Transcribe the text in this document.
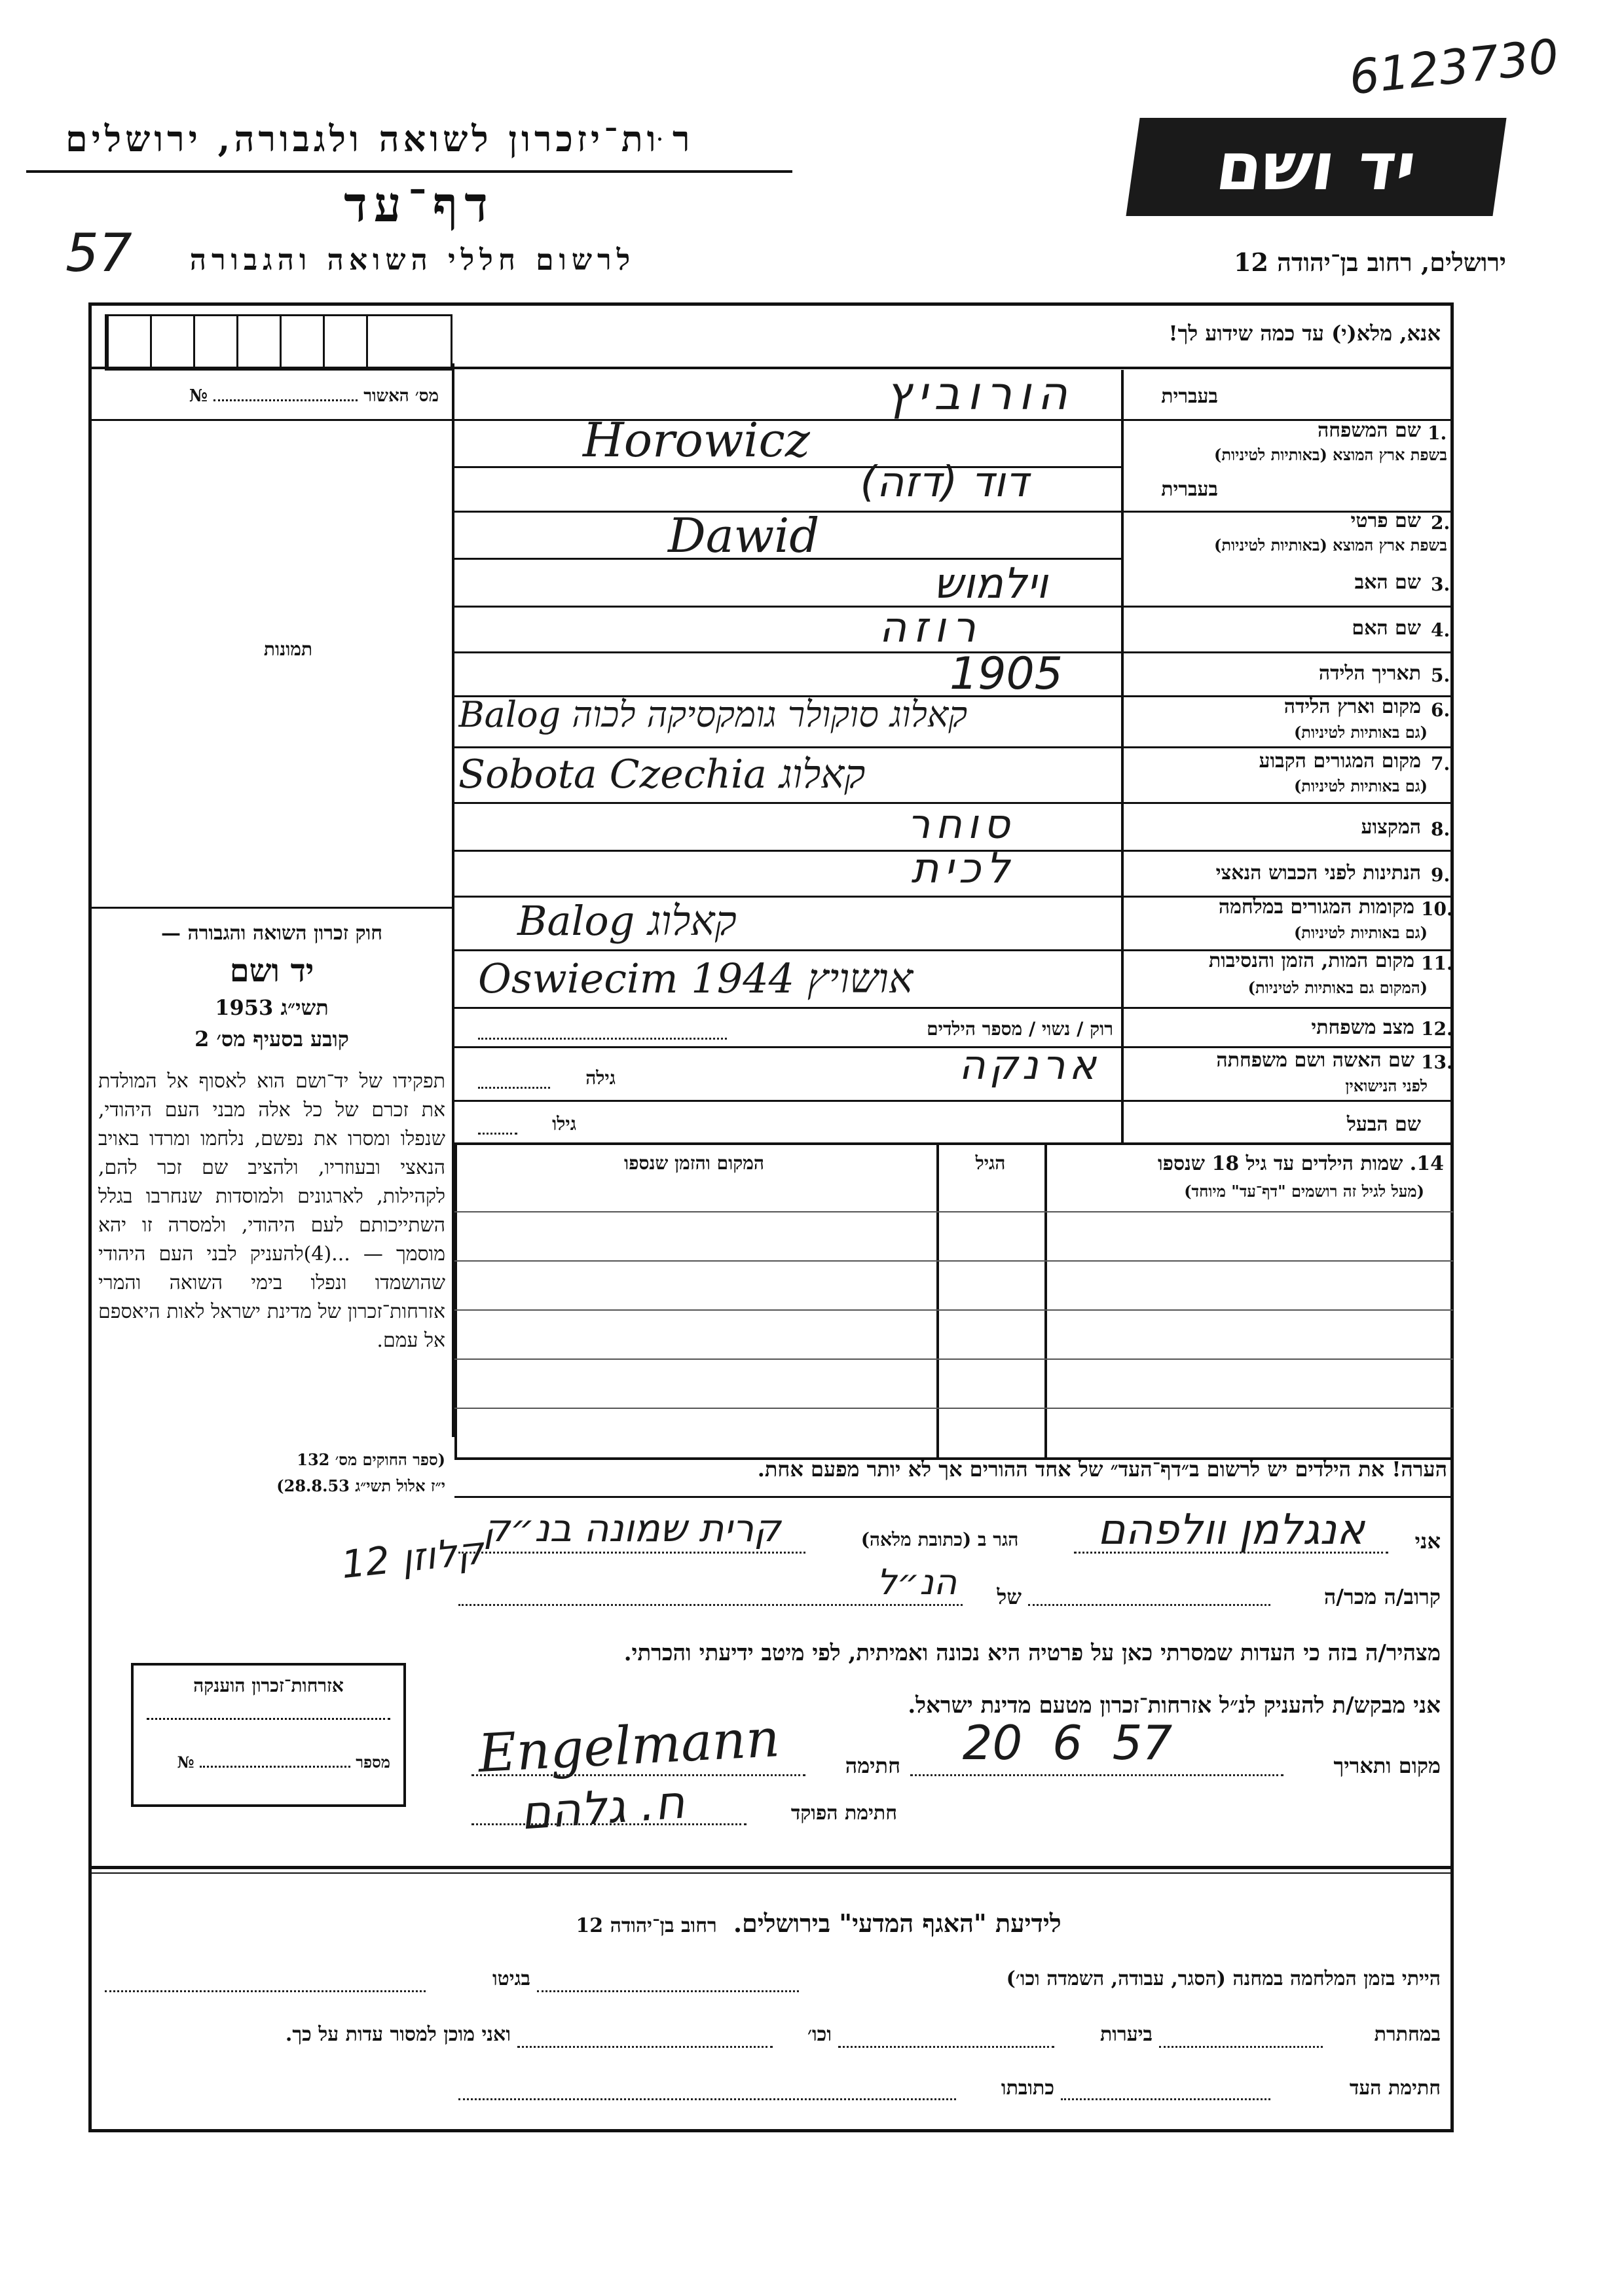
ר ּות־יזכרון לשואה ולגבורה, ירושלים
דף־עד
57	לרשום חללי השואה והגבורה
6123730
יד ושם
ירושלים, רחוב בן־יהודה 12
אנא, מלא(י) עד כמה שידוע לך!
מס׳ האשור  №
תמונות
חוק זכרון השואה והגבורה —
יד ושם
תשי״ג 1953
קובע בסעיף מס׳ 2
תפקידו של יד־ושם הוא לאסוף אל המולדת את זכרם של כל אלה מבני העם היהודי, שנפלו ומסרו את נפשם, נלחמו ומרדו באויב הנאצי ובעוזריו, ולהציב שם זכר להם, לקהילות, לארגונים ולמוסדות שנחרבו בגלל השתייכותם לעם היהודי, ולמסרה זו יהא מוסמך — ...(4)להעניק לבני העם היהודי שהושמדו ונפלו בימי השואה והמרי אזרחות־זכרון של מדינת ישראל לאות היאספם אל עמם.
(ספר החוקים מס׳ 132
י״ז אלול תשי״ג 28.8.53)
בעברית
1.
שם המשפחה
בשפת ארץ המוצא (באותיות לטיניות)
הורוביץ
Horowicz
בעברית
2.
שם פרטי
בשפת ארץ המוצא (באותיות לטיניות)
דוד (דזה)
Dawid
3.
שם האב
וילמוש
4.
שם האם
רוזה
5.
תאריך הלידה
1905
6.
מקום וארץ הלידה
(גם באותיות לטיניות)
Balog קאלוג סוקולר גומקסיקה לכוה
7.
מקום המגורים הקבוע
(גם באותיות לטיניות)
Sobota Czechia קאלוג
8.
המקצוע
סוחר
9.
הנתינות לפני הכבוש הנאצי
לכית
10.
מקומות המגורים במלחמה
(גם באותיות לטיניות)
Balog קאלוג
11.
מקום המות, הזמן והנסיבות
(המקום גם באותיות לטיניות)
Oswiecim אושויץ 1944
12.
מצב משפחתי
רוק / נשוי / מספר הילדים
13.
שם האשה ושם משפחתה
לפני הנישואין
ארנקה
גילה
שם הבעל
גילו
14. שמות הילדים עד גיל 18 שנספו
(מעל לגיל זה רושמים "דף־עד" מיוחד)
הגיל
המקום והזמן שנספו
הערה! את הילדים יש לרשום ב״דף־העד״ של אחד ההורים אך לא יותר מפעם אחת.
אני
אנגלמן וולפהם
הגר ב (כתובת מלאה)
קרית שמונה בנ״ק
קלוזן 12
קרוב/ה מכר/ה
של
הנ״ל
מצהיר/ה בזה כי העדות שמסרתי כאן על פרטיה היא נכונה ואמיתית, לפי מיטב ידיעתי והכרתי.
אני מבקש/ת להעניק לנ״ל אזרחות־זכרון מטעם מדינת ישראל.
מקום ותאריך
20  6  57
חתימה
Engelmann
חתימת הפוקד
ח. גלהם
אזרחות־זכרון הוענקה
מספר  №
לידיעת "האגף המדעי" בירושלים. רחוב בן־יהודה 12
הייתי בזמן המלחמה במחנה (הסגר, עבודה, השמדה וכו׳)
בגיטו
במחתרת
ביערות
וכו׳
ואני מוכן למסור עדות על כך.
חתימת העד
כתובתו
